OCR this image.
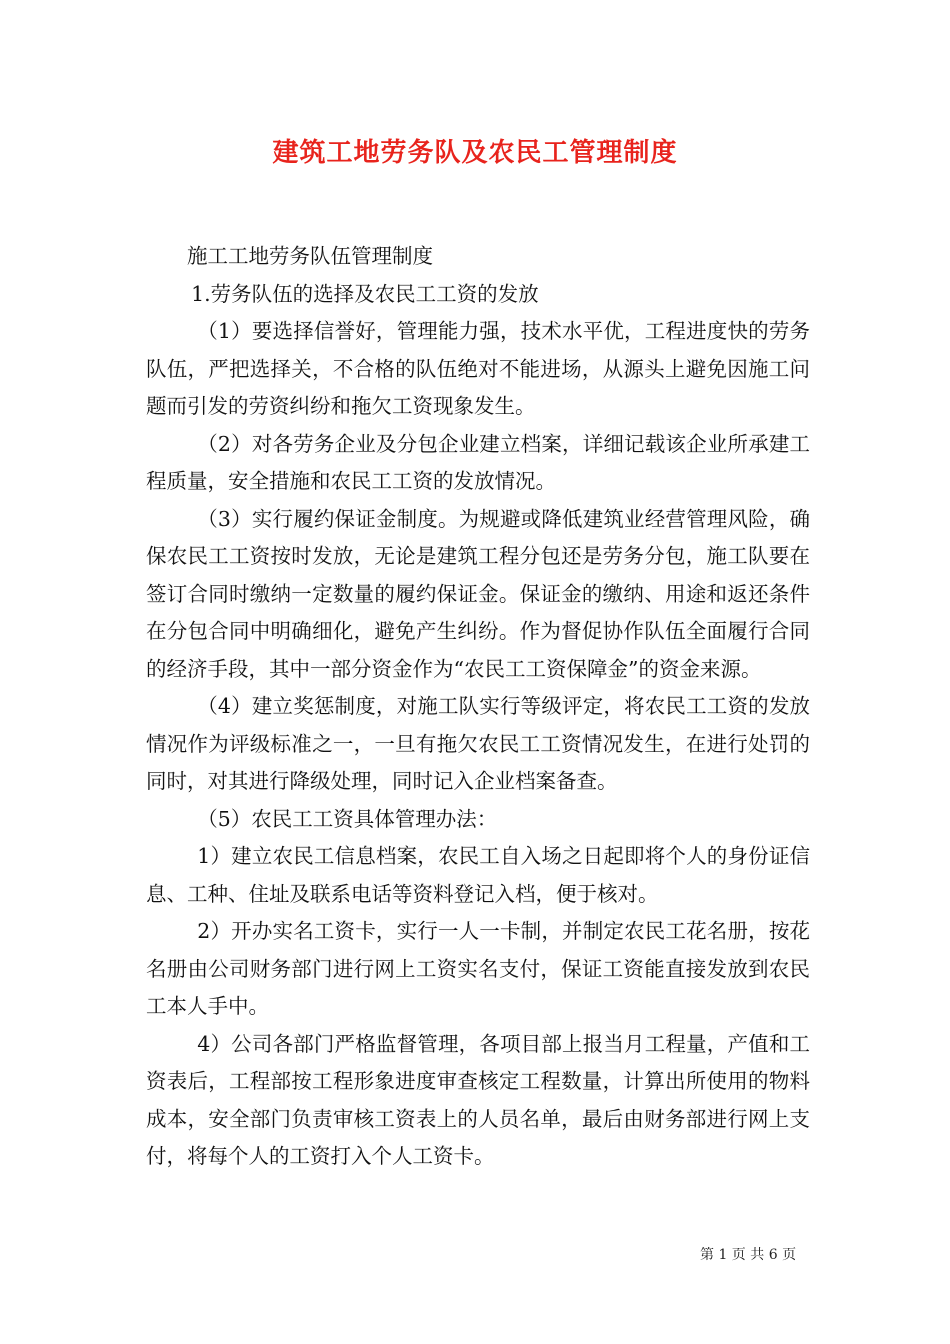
建筑工地劳务队及农民工管理制度

施工工地劳务队伍管理制度

1.劳务队伍的选择及农民工工资的发放

（1）要选择信誉好，管理能力强，技术水平优，工程进度快的劳务队伍，严把选择关，不合格的队伍绝对不能进场，从源头上避免因施工问题而引发的劳资纠纷和拖欠工资现象发生。

（2）对各劳务企业及分包企业建立档案，详细记载该企业所承建工程质量，安全措施和农民工工资的发放情况。

（3）实行履约保证金制度。为规避或降低建筑业经营管理风险，确保农民工工资按时发放，无论是建筑工程分包还是劳务分包，施工队要在签订合同时缴纳一定数量的履约保证金。保证金的缴纳、用途和返还条件在分包合同中明确细化，避免产生纠纷。作为督促协作队伍全面履行合同的经济手段，其中一部分资金作为“农民工工资保障金”的资金来源。

（4）建立奖惩制度，对施工队实行等级评定，将农民工工资的发放情况作为评级标准之一，一旦有拖欠农民工工资情况发生，在进行处罚的同时，对其进行降级处理，同时记入企业档案备查。

（5）农民工工资具体管理办法：

1）建立农民工信息档案，农民工自入场之日起即将个人的身份证信息、工种、住址及联系电话等资料登记入档，便于核对。

2）开办实名工资卡，实行一人一卡制，并制定农民工花名册，按花名册由公司财务部门进行网上工资实名支付，保证工资能直接发放到农民工本人手中。

4）公司各部门严格监督管理，各项目部上报当月工程量，产值和工资表后，工程部按工程形象进度审查核定工程数量，计算出所使用的物料成本，安全部门负责审核工资表上的人员名单，最后由财务部进行网上支付，将每个人的工资打入个人工资卡。

第 1 页 共 6 页
